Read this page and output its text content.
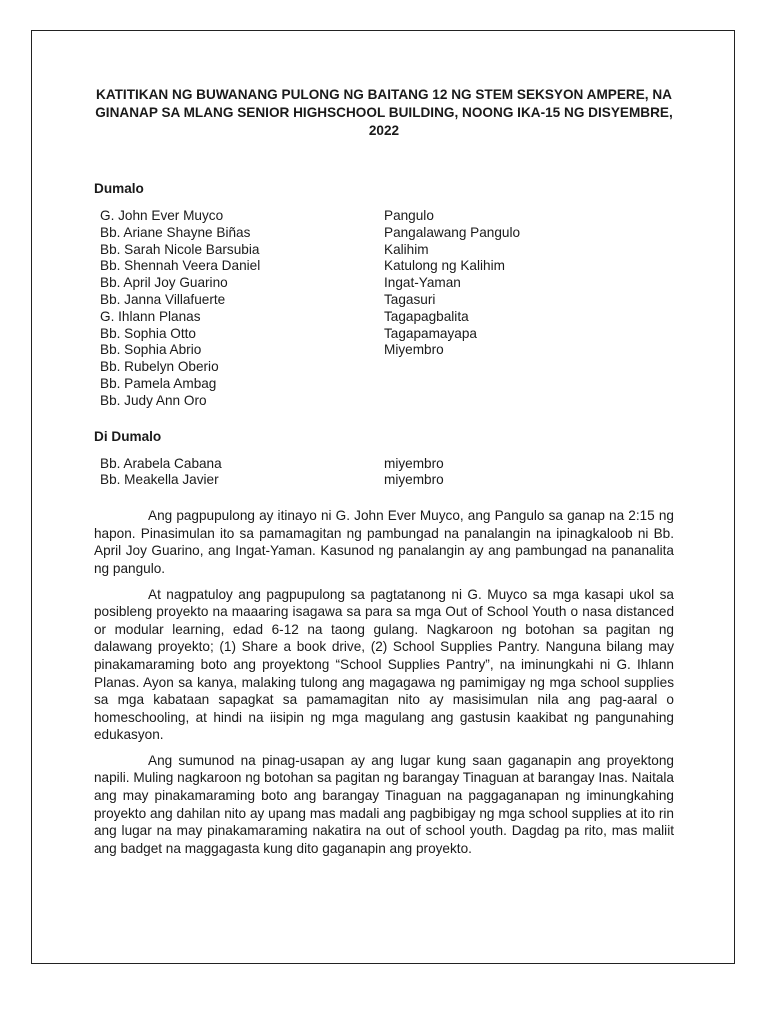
KATITIKAN NG BUWANANG PULONG NG BAITANG 12 NG STEM SEKSYON AMPERE, NA GINANAP SA MLANG SENIOR HIGHSCHOOL BUILDING, NOONG IKA-15 NG DISYEMBRE, 2022
Dumalo
G. John Ever Muyco	Pangulo
Bb. Ariane Shayne Biñas	Pangalawang Pangulo
Bb. Sarah Nicole Barsubia	Kalihim
Bb. Shennah Veera Daniel	Katulong ng Kalihim
Bb. April Joy Guarino	Ingat-Yaman
Bb. Janna Villafuerte	Tagasuri
G. Ihlann Planas	Tagapagbalita
Bb. Sophia Otto	Tagapamayapa
Bb. Sophia Abrio	Miyembro
Bb. Rubelyn Oberio
Bb. Pamela Ambag
Bb. Judy Ann Oro
Di Dumalo
Bb. Arabela Cabana	miyembro
Bb. Meakella Javier	miyembro

Ang pagpupulong ay itinayo ni G. John Ever Muyco, ang Pangulo sa ganap na 2:15 ng hapon. Pinasimulan ito sa pamamagitan ng pambungad na panalangin na ipinagkaloob ni Bb. April Joy Guarino, ang Ingat-Yaman. Kasunod ng panalangin ay ang pambungad na pananalita ng pangulo.

At nagpatuloy ang pagpupulong sa pagtatanong ni G. Muyco sa mga kasapi ukol sa posibleng proyekto na maaaring isagawa sa para sa mga Out of School Youth o nasa distanced or modular learning, edad 6-12 na taong gulang. Nagkaroon ng botohan sa pagitan ng dalawang proyekto; (1) Share a book drive, (2) School Supplies Pantry. Nanguna bilang may pinakamaraming boto ang proyektong “School Supplies Pantry”, na iminungkahi ni G. Ihlann Planas. Ayon sa kanya, malaking tulong ang magagawa ng pamimigay ng mga school supplies sa mga kabataan sapagkat sa pamamagitan nito ay masisimulan nila ang pag-aaral o homeschooling, at hindi na iisipin ng mga magulang ang gastusin kaakibat ng pangunahing edukasyon.

Ang sumunod na pinag-usapan ay ang lugar kung saan gaganapin ang proyektong napili. Muling nagkaroon ng botohan sa pagitan ng barangay Tinaguan at barangay Inas. Naitala ang may pinakamaraming boto ang barangay Tinaguan na paggaganapan ng iminungkahing proyekto ang dahilan nito ay upang mas madali ang pagbibigay ng mga school supplies at ito rin ang lugar na may pinakamaraming nakatira na out of school youth. Dagdag pa rito, mas maliit ang badget na maggagasta kung dito gaganapin ang proyekto.
